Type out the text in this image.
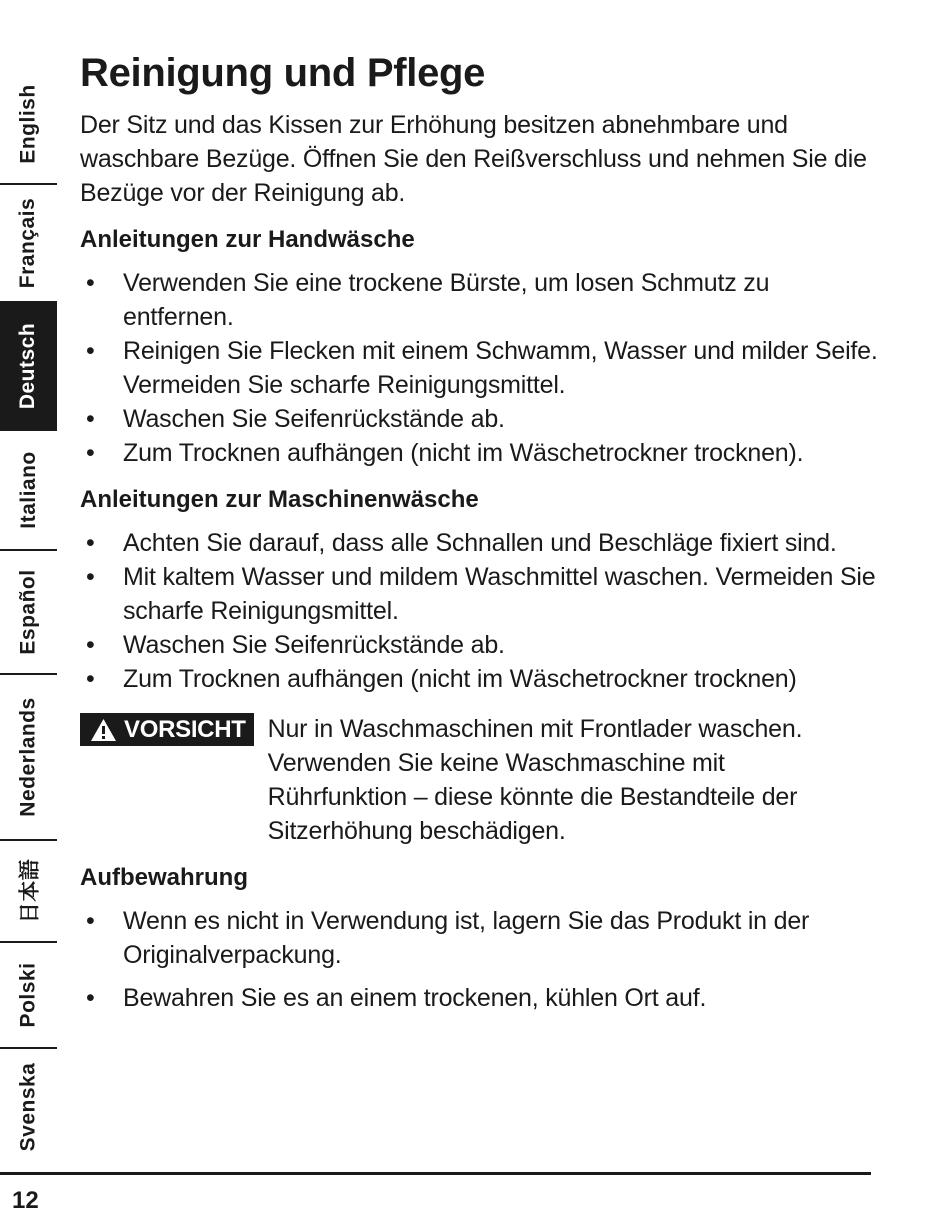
English
Français
Deutsch
Italiano
Español
Nederlands
日本語
Polski
Svenska
Reinigung und Pflege

Der Sitz und das Kissen zur Erhöhung besitzen abnehmbare und waschbare Bezüge. Öffnen Sie den Reißverschluss und nehmen Sie die Bezüge vor der Reinigung ab.

Anleitungen zur Handwäsche
• Verwenden Sie eine trockene Bürste, um losen Schmutz zu entfernen.
• Reinigen Sie Flecken mit einem Schwamm, Wasser und milder Seife. Vermeiden Sie scharfe Reinigungsmittel.
• Waschen Sie Seifenrückstände ab.
• Zum Trocknen aufhängen (nicht im Wäschetrockner trocknen).
Anleitungen zur Maschinenwäsche
• Achten Sie darauf, dass alle Schnallen und Beschläge fixiert sind.
• Mit kaltem Wasser und mildem Waschmittel waschen. Vermeiden Sie scharfe Reinigungsmittel.
• Waschen Sie Seifenrückstände ab.
• Zum Trocknen aufhängen (nicht im Wäschetrockner trocknen)
VORSICHT Nur in Waschmaschinen mit Frontlader waschen. Verwenden Sie keine Waschmaschine mit Rührfunktion – diese könnte die Bestandteile der Sitzerhöhung beschädigen.

Aufbewahrung
• Wenn es nicht in Verwendung ist, lagern Sie das Produkt in der Originalverpackung.
• Bewahren Sie es an einem trockenen, kühlen Ort auf.
12
